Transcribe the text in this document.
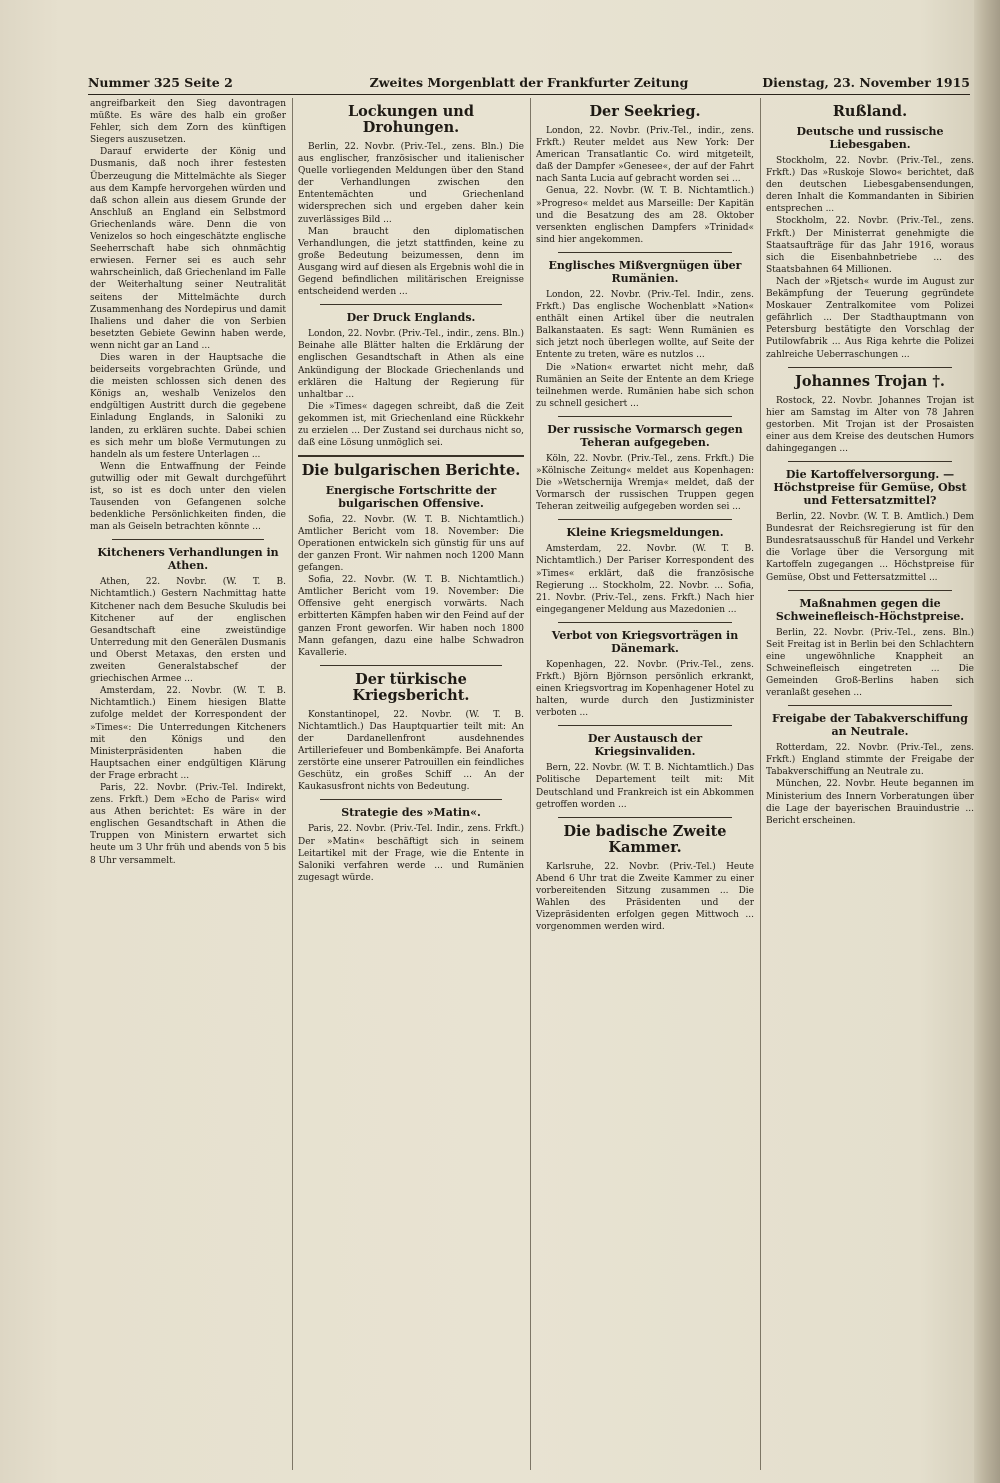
Nummer 325 Seite 2	Zweites Morgenblatt der Frankfurter Zeitung	Dienstag, 23. November 1915

angreifbarkeit den Sieg davontragen müßte. Es wäre des halb ein großer Fehler, sich dem Zorn des künftigen Siegers auszusetzen.

Darauf erwiderte der König und Dusmanis, daß noch ihrer festesten Überzeugung die Mittelmächte als Sieger aus dem Kampfe hervorgehen würden und daß schon allein aus diesem Grunde der Anschluß an England ein Selbstmord Griechenlands wäre. Denn die von Venizelos so hoch eingeschätzte englische Seeherrschaft habe sich ohnmächtig erwiesen. Ferner sei es auch sehr wahrscheinlich, daß Griechenland im Falle der Weiterhaltung seiner Neutralität seitens der Mittelmächte durch Zusammenhang des Nordepirus und damit Ihaliens und daher die von Serbien besetzten Gebiete Gewinn haben werde, wenn nicht gar an Land ...

Dies waren in der Hauptsache die beiderseits vorgebrachten Gründe, und die meisten schlossen sich denen des Königs an, weshalb Venizelos den endgültigen Austritt durch die gegebene Einladung Englands, in Saloniki zu landen, zu erklären suchte. Dabei schien es sich mehr um bloße Vermutungen zu handeln als um festere Unterlagen ...

Wenn die Entwaffnung der Feinde gutwillig oder mit Gewalt durchgeführt ist, so ist es doch unter den vielen Tausenden von Gefangenen solche bedenkliche Persönlichkeiten finden, die man als Geiseln betrachten könnte ...

Kitcheners Verhandlungen in Athen.

Athen, 22. Novbr. (W. T. B. Nichtamtlich.) Gestern Nachmittag hatte Kitchener nach dem Besuche Skuludis bei Kitchener auf der englischen Gesandtschaft eine zweistündige Unterredung mit den Generälen Dusmanis und Oberst Metaxas, den ersten und zweiten Generalstabschef der griechischen Armee ...

Amsterdam, 22. Novbr. (W. T. B. Nichtamtlich.) Einem hiesigen Blatte zufolge meldet der Korrespondent der »Times«: Die Unterredungen Kitcheners mit den Königs und den Ministerpräsidenten haben die Hauptsachen einer endgültigen Klärung der Frage erbracht ...

Paris, 22. Novbr. (Priv.-Tel. Indirekt, zens. Frkft.) Dem »Echo de Paris« wird aus Athen berichtet: Es wäre in der englischen Gesandtschaft in Athen die Truppen von Ministern erwartet sich heute um 3 Uhr früh und abends von 5 bis 8 Uhr versammelt.

Lockungen und Drohungen.

Berlin, 22. Novbr. (Priv.-Tel., zens. Bln.) Die aus englischer, französischer und italienischer Quelle vorliegenden Meldungen über den Stand der Verhandlungen zwischen den Ententemächten und Griechenland widersprechen sich und ergeben daher kein zuverlässiges Bild ...

Man braucht den diplomatischen Verhandlungen, die jetzt stattfinden, keine zu große Bedeutung beizumessen, denn im Ausgang wird auf diesen als Ergebnis wohl die in Gegend befindlichen militärischen Ereignisse entscheidend werden ...

Der Druck Englands.

London, 22. Novbr. (Priv.-Tel., indir., zens. Bln.) Beinahe alle Blätter halten die Erklärung der englischen Gesandtschaft in Athen als eine Ankündigung der Blockade Griechenlands und erklären die Haltung der Regierung für unhaltbar ...

Die »Times« dagegen schreibt, daß die Zeit gekommen ist, mit Griechenland eine Rückkehr zu erzielen ... Der Zustand sei durchaus nicht so, daß eine Lösung unmöglich sei.

Die bulgarischen Berichte.
Energische Fortschritte der bulgarischen Offensive.

Sofia, 22. Novbr. (W. T. B. Nichtamtlich.) Amtlicher Bericht vom 18. November: Die Operationen entwickeln sich günstig für uns auf der ganzen Front. Wir nahmen noch 1200 Mann gefangen.

Sofia, 22. Novbr. (W. T. B. Nichtamtlich.) Amtlicher Bericht vom 19. November: Die Offensive geht energisch vorwärts. Nach erbitterten Kämpfen haben wir den Feind auf der ganzen Front geworfen. Wir haben noch 1800 Mann gefangen, dazu eine halbe Schwadron Kavallerie.

Der türkische Kriegsbericht.

Konstantinopel, 22. Novbr. (W. T. B. Nichtamtlich.) Das Hauptquartier teilt mit: An der Dardanellenfront ausdehnendes Artilleriefeuer und Bombenkämpfe. Bei Anaforta zerstörte eine unserer Patrouillen ein feindliches Geschütz, ein großes Schiff ... An der Kaukasusfront nichts von Bedeutung.

Strategie des »Matin«.

Paris, 22. Novbr. (Priv.-Tel. Indir., zens. Frkft.) Der »Matin« beschäftigt sich in seinem Leitartikel mit der Frage, wie die Entente in Saloniki verfahren werde ... und Rumänien zugesagt würde.

Der Seekrieg.

London, 22. Novbr. (Priv.-Tel., indir., zens. Frkft.) Reuter meldet aus New York: Der American Transatlantic Co. wird mitgeteilt, daß der Dampfer »Genesee«, der auf der Fahrt nach Santa Lucia auf gebracht worden sei ...

Genua, 22. Novbr. (W. T. B. Nichtamtlich.) »Progreso« meldet aus Marseille: Der Kapitän und die Besatzung des am 28. Oktober versenkten englischen Dampfers »Trinidad« sind hier angekommen.

Englisches Mißvergnügen über Rumänien.

London, 22. Novbr. (Priv.-Tel. Indir., zens. Frkft.) Das englische Wochenblatt »Nation« enthält einen Artikel über die neutralen Balkanstaaten. Es sagt: Wenn Rumänien es sich jetzt noch überlegen wollte, auf Seite der Entente zu treten, wäre es nutzlos ...

Die »Nation« erwartet nicht mehr, daß Rumänien an Seite der Entente an dem Kriege teilnehmen werde. Rumänien habe sich schon zu schnell gesichert ...

Der russische Vormarsch gegen Teheran aufgegeben.

Köln, 22. Novbr. (Priv.-Tel., zens. Frkft.) Die »Kölnische Zeitung« meldet aus Kopenhagen: Die »Wetschernija Wremja« meldet, daß der Vormarsch der russischen Truppen gegen Teheran zeitweilig aufgegeben worden sei ...

Kleine Kriegsmeldungen.

Amsterdam, 22. Novbr. (W. T. B. Nichtamtlich.) Der Pariser Korrespondent des »Times« erklärt, daß die französische Regierung ... Stockholm, 22. Novbr. ... Sofia, 21. Novbr. (Priv.-Tel., zens. Frkft.) Nach hier eingegangener Meldung aus Mazedonien ...

Verbot von Kriegsvorträgen in Dänemark.

Kopenhagen, 22. Novbr. (Priv.-Tel., zens. Frkft.) Björn Björnson persönlich erkrankt, einen Kriegsvortrag im Kopenhagener Hotel zu halten, wurde durch den Justizminister verboten ...

Der Austausch der Kriegsinvaliden.

Bern, 22. Novbr. (W. T. B. Nichtamtlich.) Das Politische Departement teilt mit: Mit Deutschland und Frankreich ist ein Abkommen getroffen worden ...

Die badische Zweite Kammer.

Karlsruhe, 22. Novbr. (Priv.-Tel.) Heute Abend 6 Uhr trat die Zweite Kammer zu einer vorbereitenden Sitzung zusammen ... Die Wahlen des Präsidenten und der Vizepräsidenten erfolgen gegen Mittwoch ... vorgenommen werden wird.

Rußland.
Deutsche und russische Liebesgaben.

Stockholm, 22. Novbr. (Priv.-Tel., zens. Frkft.) Das »Ruskoje Slowo« berichtet, daß den deutschen Liebesgabensendungen, deren Inhalt die Kommandanten in Sibirien entsprechen ...

Stockholm, 22. Novbr. (Priv.-Tel., zens. Frkft.) Der Ministerrat genehmigte die Staatsaufträge für das Jahr 1916, woraus sich die Eisenbahnbetriebe ... des Staatsbahnen 64 Millionen.

Nach der »Rjetsch« wurde im August zur Bekämpfung der Teuerung gegründete Moskauer Zentralkomitee vom Polizei gefährlich ... Der Stadthauptmann von Petersburg bestätigte den Vorschlag der Putilowfabrik ... Aus Riga kehrte die Polizei zahlreiche Ueberraschungen ...

Johannes Trojan †.

Rostock, 22. Novbr. Johannes Trojan ist hier am Samstag im Alter von 78 Jahren gestorben. Mit Trojan ist der Prosaisten einer aus dem Kreise des deutschen Humors dahingegangen ...

Die Kartoffelversorgung. — Höchstpreise für Gemüse, Obst und Fettersatzmittel?

Berlin, 22. Novbr. (W. T. B. Amtlich.) Dem Bundesrat der Reichsregierung ist für den Bundesratsausschuß für Handel und Verkehr die Vorlage über die Versorgung mit Kartoffeln zugegangen ... Höchstpreise für Gemüse, Obst und Fettersatzmittel ...

Maßnahmen gegen die Schweinefleisch-Höchstpreise.

Berlin, 22. Novbr. (Priv.-Tel., zens. Bln.) Seit Freitag ist in Berlin bei den Schlachtern eine ungewöhnliche Knappheit an Schweinefleisch eingetreten ... Die Gemeinden Groß-Berlins haben sich veranlaßt gesehen ...

Freigabe der Tabakverschiffung an Neutrale.

Rotterdam, 22. Novbr. (Priv.-Tel., zens. Frkft.) England stimmte der Freigabe der Tabakverschiffung an Neutrale zu.

München, 22. Novbr. Heute begannen im Ministerium des Innern Vorberatungen über die Lage der bayerischen Brauindustrie ... Bericht erscheinen.
